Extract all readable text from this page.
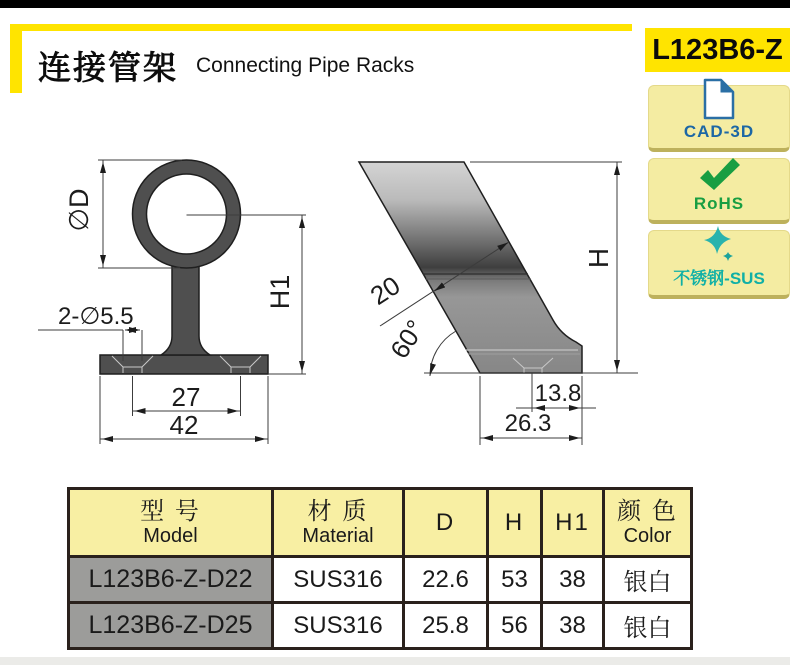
连接管架 Connecting Pipe Racks	L123B6-Z
CAD-3D
RoHS
不锈钢-SUS
∅D
H1
2-∅5.5
27
42
H
20
60°
13.8
26.3
型 号
Model	材 质
Material	D	H	H1	颜 色
Color

L123B6-Z-D22	SUS316	22.6	53	38	银白
L123B6-Z-D25	SUS316	25.8	56	38	银白
